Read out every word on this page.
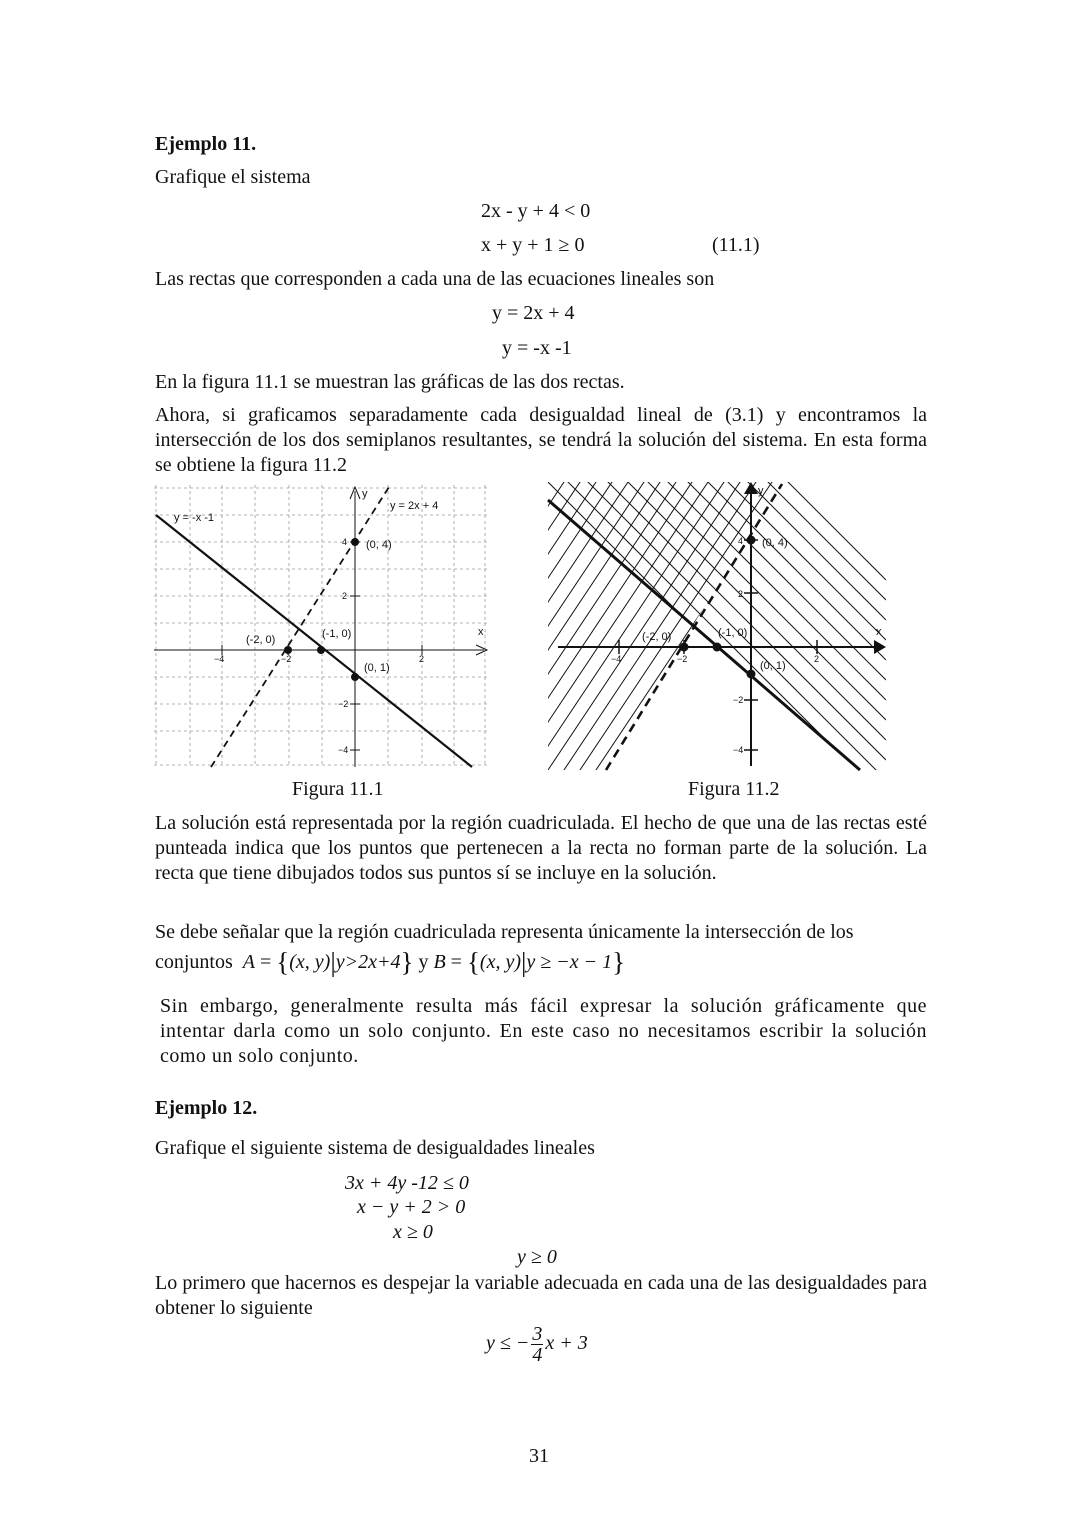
Ejemplo 11.
Grafique el sistema
2x - y + 4 < 0
x + y + 1 ≥ 0	(11.1)
Las rectas que corresponden a cada una de las ecuaciones lineales son
y = 2x + 4
y = -x -1
En la figura 11.1 se muestran las gráficas de las dos rectas.

Ahora, si graficamos separadamente cada desigualdad lineal de (3.1) y encontramos la intersección de los dos semiplanos resultantes, se tendrá la solución del sistema. En esta forma se obtiene la figura 11.2

y = -x -1
y = 2x + 4
y
x
(0, 4)
(-2, 0)	(-1, 0)
(0, 1)
−4	−2	2
4
2
−2
−4
y
x
(0, 4)
(-2, 0)	(-1, 0)
(0, 1)
−4	−2	2
4
2
−2
−4
Figura 11.1	Figura 11.2

La solución está representada por la región cuadriculada. El hecho de que una de las rectas esté punteada indica que los puntos que pertenecen a la recta no forman parte de la solución. La recta que tiene dibujados todos sus puntos sí se incluye en la solución.

Se debe señalar que la región cuadriculada representa únicamente la intersección de los

conjuntos A = {(x, y)|y>2x+4} y B = {(x, y)|y ≥ −x − 1}

Sin embargo, generalmente resulta más fácil expresar la solución gráficamente que intentar darla como un solo conjunto. En este caso no necesitamos escribir la solución como un solo conjunto.

Ejemplo 12.
Grafique el siguiente sistema de desigualdades lineales
3x + 4y -12 ≤ 0
x − y + 2 > 0
x ≥ 0
y ≥ 0

Lo primero que hacernos es despejar la variable adecuada en cada una de las desigualdades para obtener lo siguiente

y ≤ − $\frac{3}{4}$ x + 3
31
